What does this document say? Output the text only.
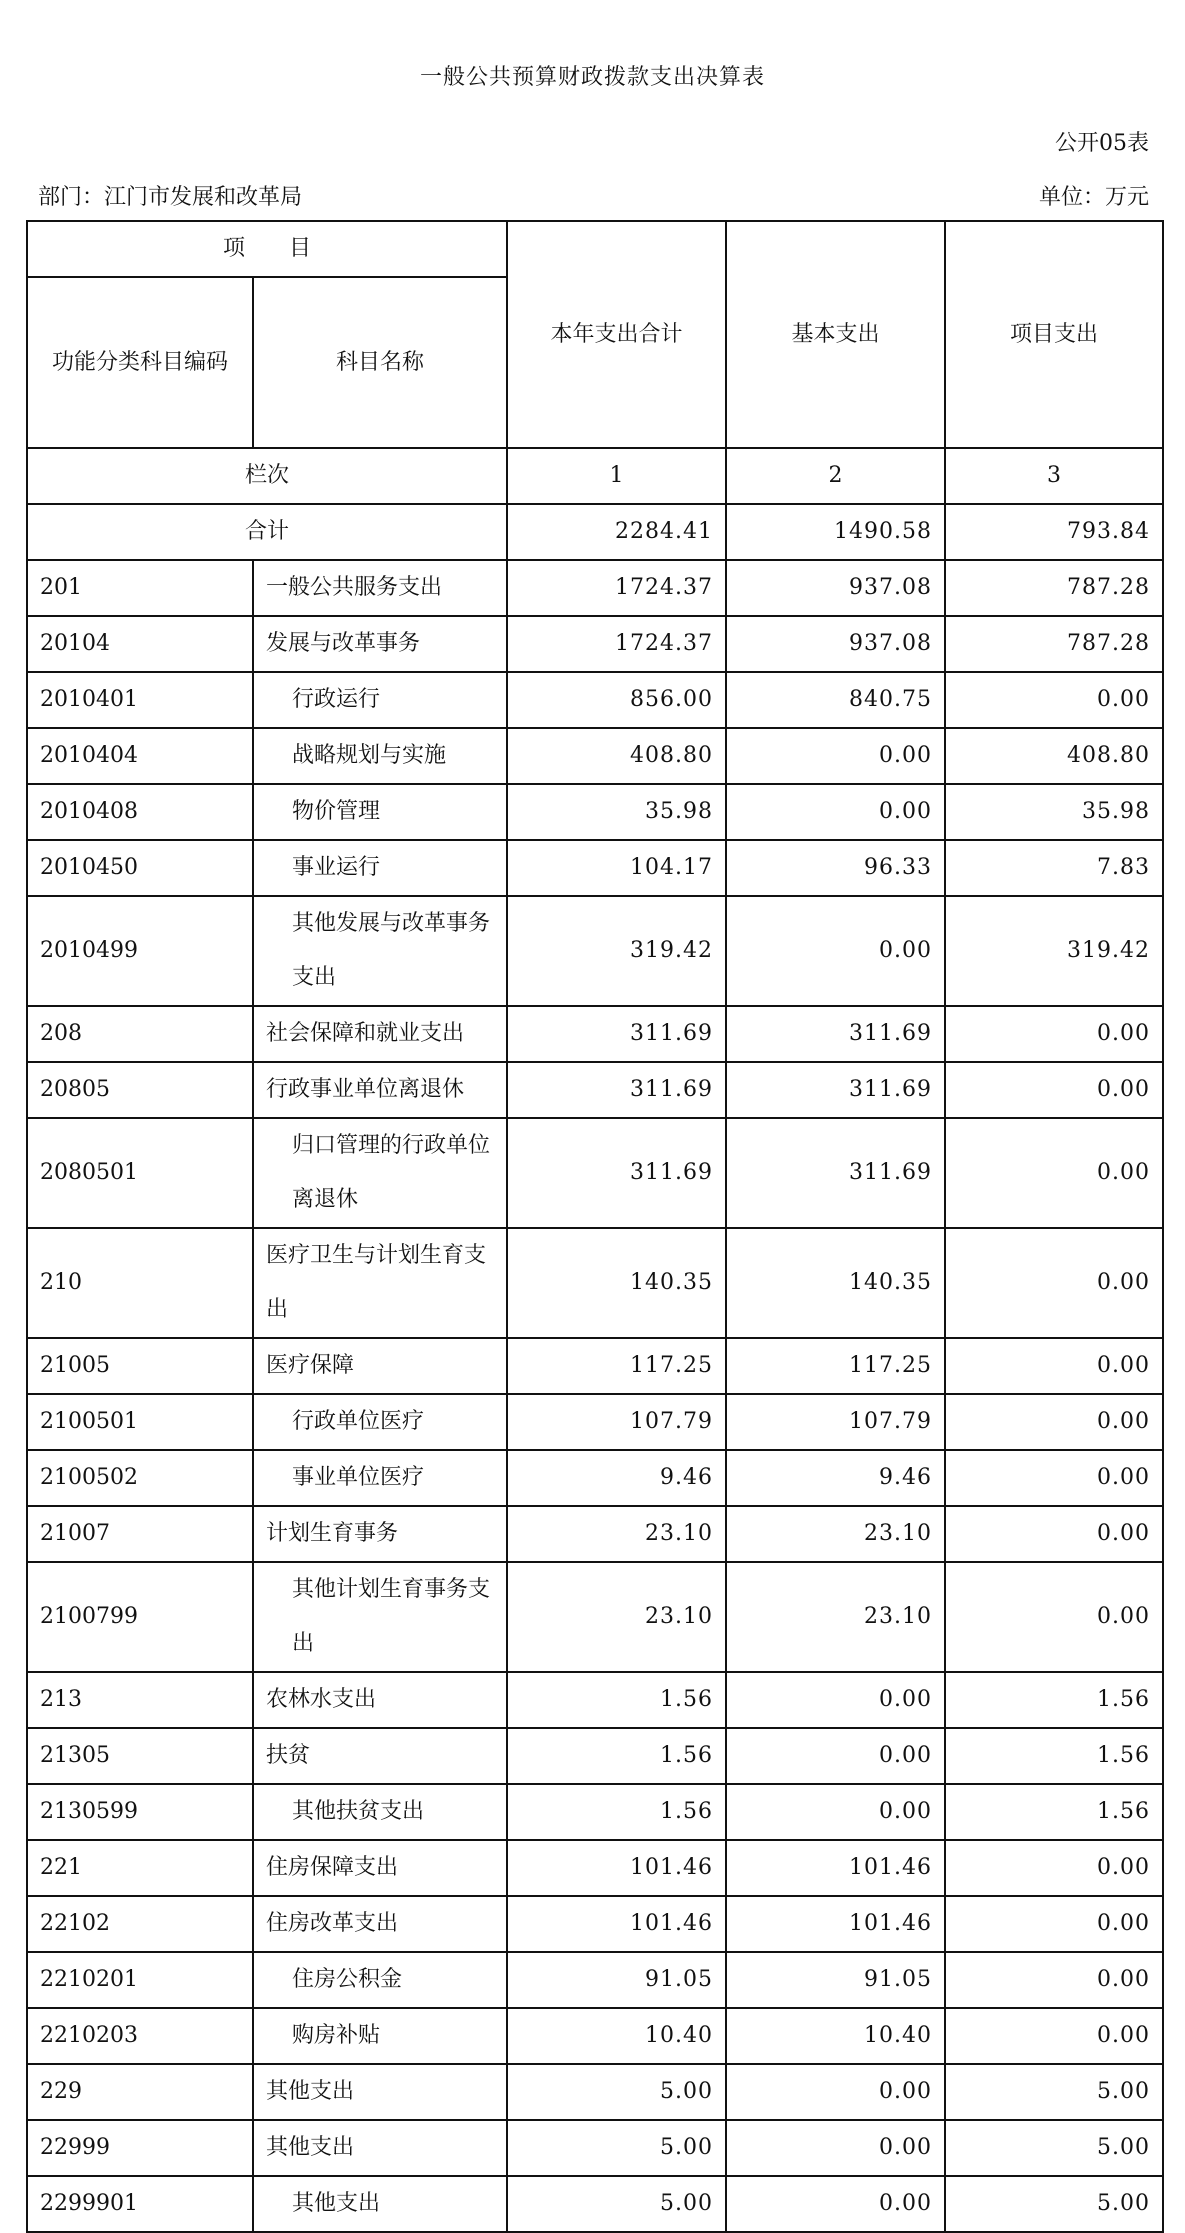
一般公共预算财政拨款支出决算表
公开05表
部门：江门市发展和改革局	单位：万元
项　　目		本年支出合计	基本支出	项目支出
功能分类科目编码	科目名称			
栏次		1	2	3
合计		2284.41	1490.58	793.84
201	一般公共服务支出	1724.37	937.08	787.28
20104	发展与改革事务	1724.37	937.08	787.28
2010401	行政运行	856.00	840.75	0.00
2010404	战略规划与实施	408.80	0.00	408.80
2010408	物价管理	35.98	0.00	35.98
2010450	事业运行	104.17	96.33	7.83
2010499	其他发展与改革事务支出	319.42	0.00	319.42
208	社会保障和就业支出	311.69	311.69	0.00
20805	行政事业单位离退休	311.69	311.69	0.00
2080501	归口管理的行政单位离退休	311.69	311.69	0.00
210	医疗卫生与计划生育支出	140.35	140.35	0.00
21005	医疗保障	117.25	117.25	0.00
2100501	行政单位医疗	107.79	107.79	0.00
2100502	事业单位医疗	9.46	9.46	0.00
21007	计划生育事务	23.10	23.10	0.00
2100799	其他计划生育事务支出	23.10	23.10	0.00
213	农林水支出	1.56	0.00	1.56
21305	扶贫	1.56	0.00	1.56
2130599	其他扶贫支出	1.56	0.00	1.56
221	住房保障支出	101.46	101.46	0.00
22102	住房改革支出	101.46	101.46	0.00
2210201	住房公积金	91.05	91.05	0.00
2210203	购房补贴	10.40	10.40	0.00
229	其他支出	5.00	0.00	5.00
22999	其他支出	5.00	0.00	5.00
2299901	其他支出	5.00	0.00	5.00
